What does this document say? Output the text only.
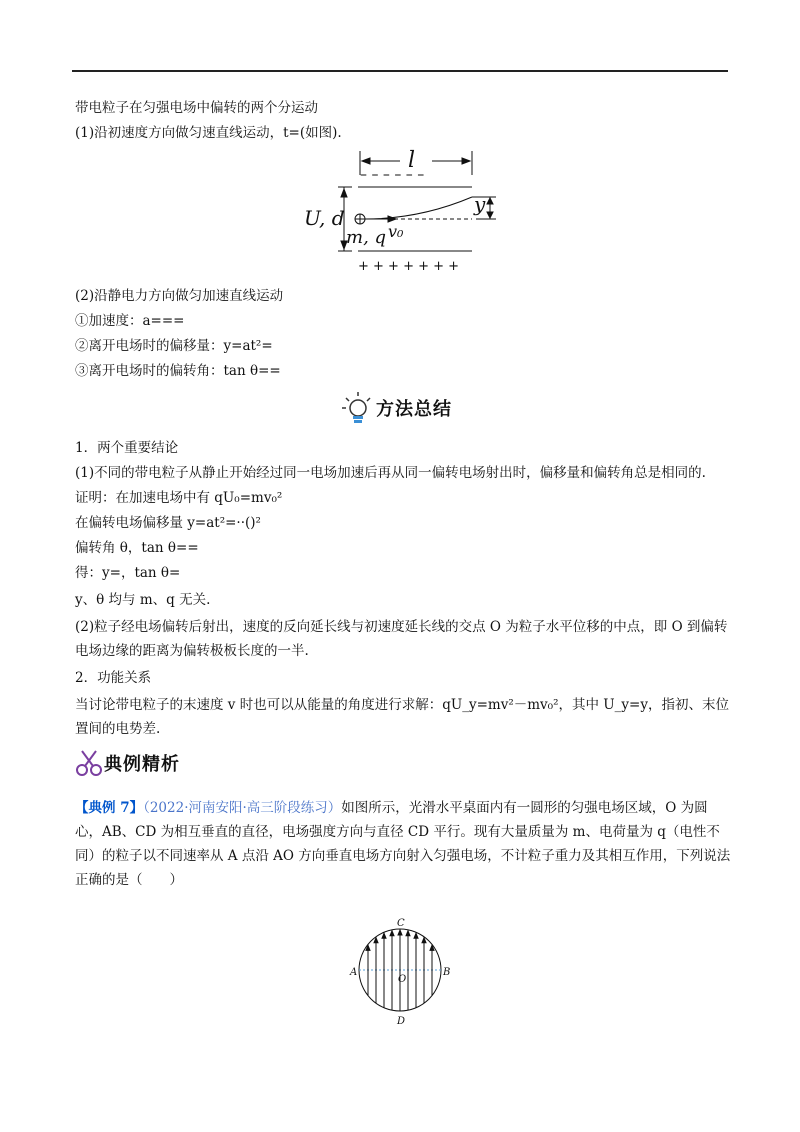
带电粒子在匀强电场中偏转的两个分运动
(1)沿初速度方向做匀速直线运动，t=(如图).
– – – – – –
+ + + + + + +
l
U, d
m, q v₀
y
(2)沿静电力方向做匀加速直线运动
①加速度：a===
②离开电场时的偏移量：y=at²=
③离开电场时的偏转角：tan θ==
方法总结
1．两个重要结论
(1)不同的带电粒子从静止开始经过同一电场加速后再从同一偏转电场射出时，偏移量和偏转角总是相同的.
证明：在加速电场中有 qU₀=mv₀²
在偏转电场偏移量 y=at²=··()²
偏转角 θ，tan θ==
得：y=，tan θ=
y、θ 均与 m、q 无关.
(2)粒子经电场偏转后射出，速度的反向延长线与初速度延长线的交点 O 为粒子水平位移的中点，即 O 到偏转电场边缘的距离为偏转极板长度的一半.
2．功能关系
当讨论带电粒子的末速度 v 时也可以从能量的角度进行求解：qU_y=mv²－mv₀²，其中 U_y=y，指初、末位置间的电势差.
典例精析
【典例 7】（2022·河南安阳·高三阶段练习）如图所示，光滑水平桌面内有一圆形的匀强电场区域，O 为圆心，AB、CD 为相互垂直的直径，电场强度方向与直径 CD 平行。现有大量质量为 m、电荷量为 q（电性不同）的粒子以不同速率从 A 点沿 AO 方向垂直电场方向射入匀强电场，不计粒子重力及其相互作用，下列说法正确的是（　　）
A	B
C
D
O
